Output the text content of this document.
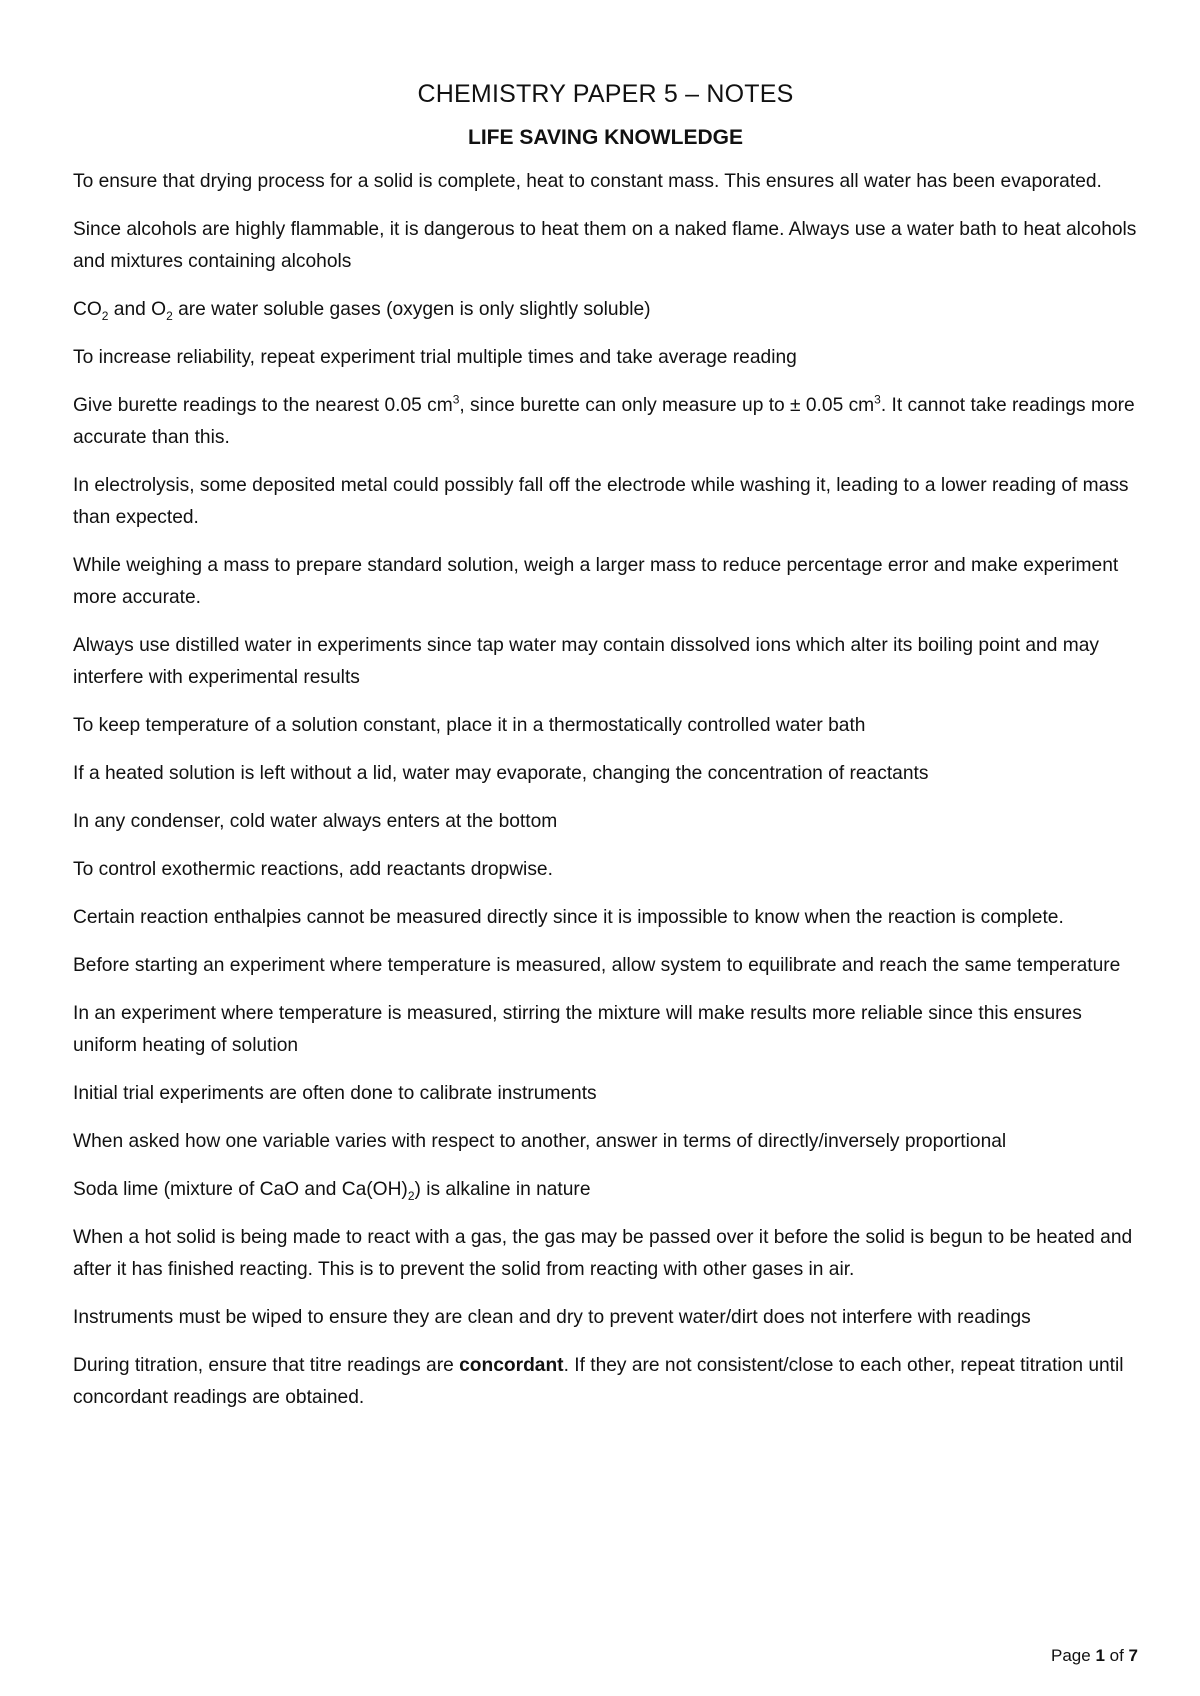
CHEMISTRY PAPER 5 – NOTES
LIFE SAVING KNOWLEDGE

To ensure that drying process for a solid is complete, heat to constant mass. This ensures all water has been evaporated.

Since alcohols are highly flammable, it is dangerous to heat them on a naked flame. Always use a water bath to heat alcohols and mixtures containing alcohols

$CO_2$ and $O_2$ are water soluble gases (oxygen is only slightly soluble)

To increase reliability, repeat experiment trial multiple times and take average reading

Give burette readings to the nearest 0.05 $cm^3$, since burette can only measure up to ± 0.05 $cm^3$. It cannot take readings more accurate than this.

In electrolysis, some deposited metal could possibly fall off the electrode while washing it, leading to a lower reading of mass than expected.

While weighing a mass to prepare standard solution, weigh a larger mass to reduce percentage error and make experiment more accurate.

Always use distilled water in experiments since tap water may contain dissolved ions which alter its boiling point and may interfere with experimental results

To keep temperature of a solution constant, place it in a thermostatically controlled water bath

If a heated solution is left without a lid, water may evaporate, changing the concentration of reactants

In any condenser, cold water always enters at the bottom

To control exothermic reactions, add reactants dropwise.

Certain reaction enthalpies cannot be measured directly since it is impossible to know when the reaction is complete.

Before starting an experiment where temperature is measured, allow system to equilibrate and reach the same temperature

In an experiment where temperature is measured, stirring the mixture will make results more reliable since this ensures uniform heating of solution

Initial trial experiments are often done to calibrate instruments

When asked how one variable varies with respect to another, answer in terms of directly/inversely proportional

Soda lime (mixture of CaO and $Ca(OH)_2$) is alkaline in nature

When a hot solid is being made to react with a gas, the gas may be passed over it before the solid is begun to be heated and after it has finished reacting. This is to prevent the solid from reacting with other gases in air.

Instruments must be wiped to ensure they are clean and dry to prevent water/dirt does not interfere with readings

During titration, ensure that titre readings are concordant. If they are not consistent/close to each other, repeat titration until concordant readings are obtained.

Page 1 of 7
